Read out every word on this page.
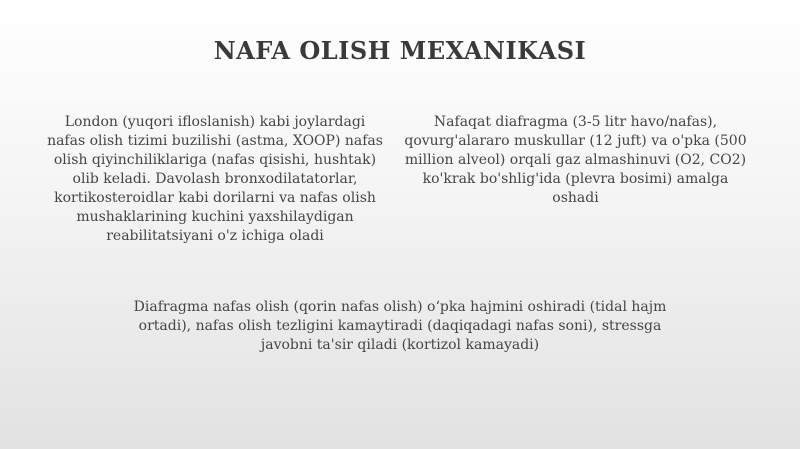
NAFA OLISH MEXANIKASI

London (yuqori ifloslanish) kabi joylardagi nafas olish tizimi buzilishi (astma, XOOP) nafas olish qiyinchiliklariga (nafas qisishi, hushtak) olib keladi. Davolash bronxodilatatorlar, kortikosteroidlar kabi dorilarni va nafas olish mushaklarining kuchini yaxshilaydigan reabilitatsiyani o'z ichiga oladi

Nafaqat diafragma (3-5 litr havo/nafas), qovurg'alararo muskullar (12 juft) va o'pka (500 million alveol) orqali gaz almashinuvi (O2, CO2) ko'krak bo'shlig'ida (plevra bosimi) amalga oshadi

Diafragma nafas olish (qorin nafas olish) oʻpka hajmini oshiradi (tidal hajm ortadi), nafas olish tezligini kamaytiradi (daqiqadagi nafas soni), stressga javobni ta'sir qiladi (kortizol kamayadi)
